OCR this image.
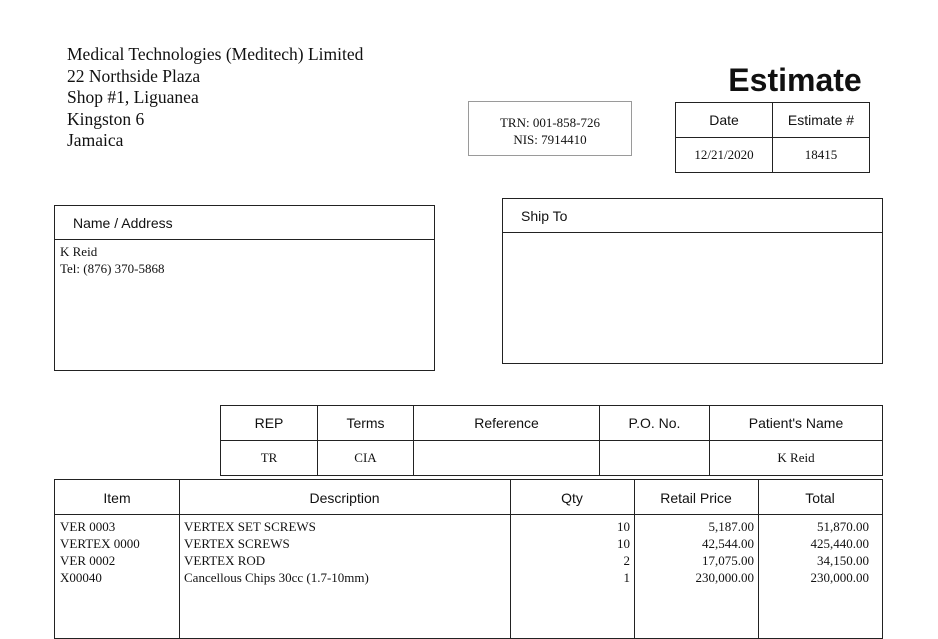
Medical Technologies (Meditech) Limited
22 Northside Plaza
Shop #1, Liguanea
Kingston 6
Jamaica
Estimate
TRN: 001-858-726
NIS: 7914410
Date	Estimate #
12/21/2020	18415
Name / Address
K Reid
Tel: (876) 370-5868
Ship To
REP	Terms	Reference	P.O. No.	Patient's Name
TR	CIA			K Reid
Item	Description	Qty	Retail Price	Total
VER 0003	VERTEX SET SCREWS	10	5,187.00	51,870.00
VERTEX 0000	VERTEX SCREWS	10	42,544.00	425,440.00
VER 0002	VERTEX ROD	2	17,075.00	34,150.00
X00040	Cancellous Chips 30cc (1.7-10mm)	1	230,000.00	230,000.00
